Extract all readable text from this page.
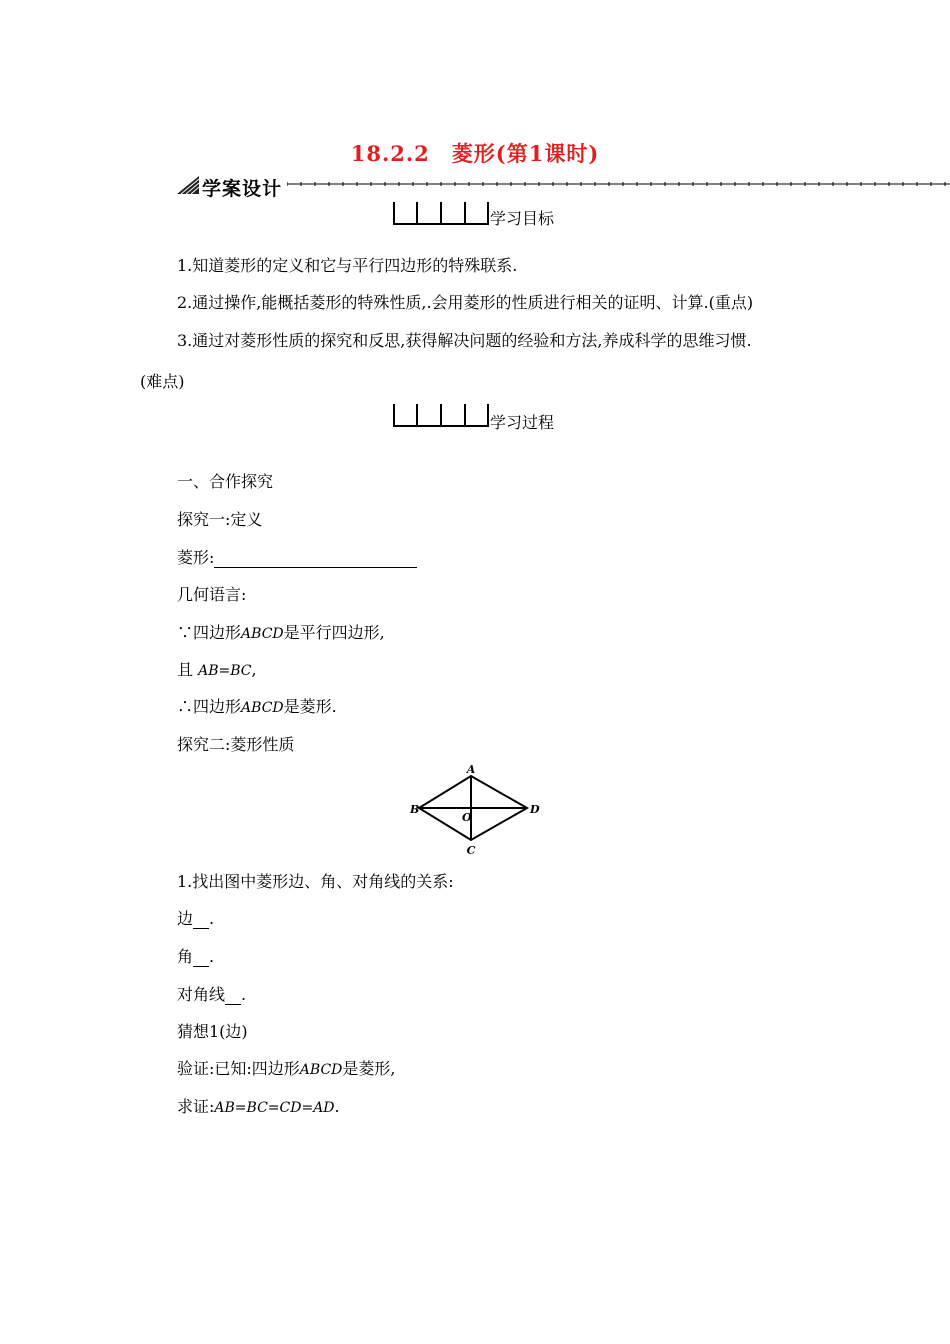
18.2.2　菱形(第1课时)
学案设计
学习目标
1.知道菱形的定义和它与平行四边形的特殊联系.
2.通过操作,能概括菱形的特殊性质,.会用菱形的性质进行相关的证明、计算.(重点)
3.通过对菱形性质的探究和反思,获得解决问题的经验和方法,养成科学的思维习惯.
(难点)
学习过程
一、合作探究
探究一:定义
菱形:
几何语言:
∵四边形ABCD是平行四边形,
且 AB=BC,
∴四边形ABCD是菱形.
探究二:菱形性质
A
B	D
C
O
1.找出图中菱形边、角、对角线的关系:
边 .
角 .
对角线 .
猜想1(边)
验证:已知:四边形ABCD是菱形,
求证:AB=BC=CD=AD.
